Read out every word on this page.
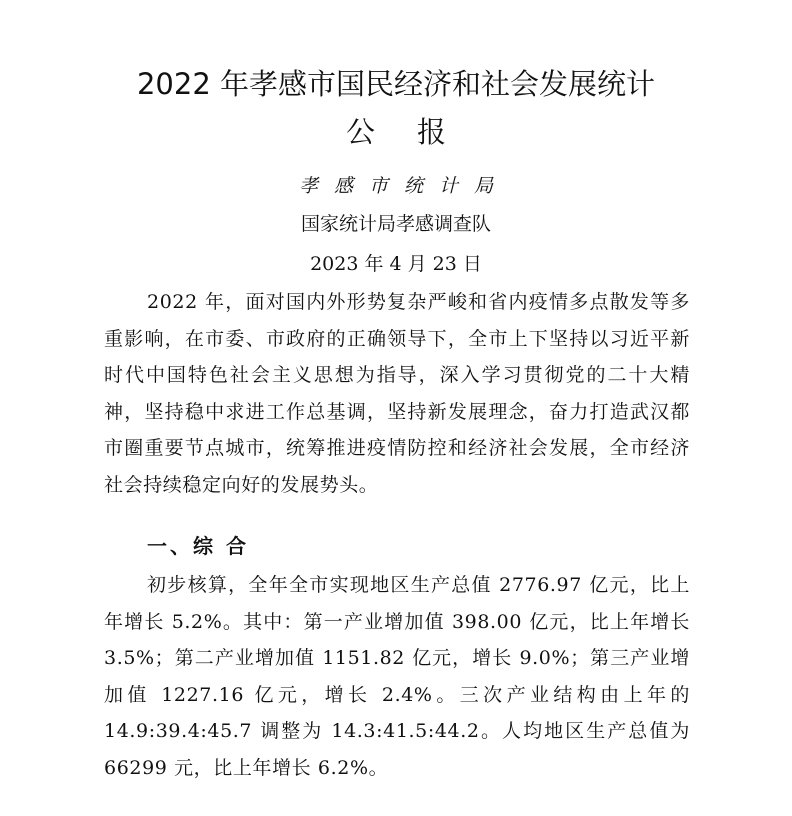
2022 年孝感市国民经济和社会发展统计
公报

孝感市统计局

国家统计局孝感调查队

2023 年 4 月 23 日

2022 年，面对国内外形势复杂严峻和省内疫情多点散发等多重影响，在市委、市政府的正确领导下，全市上下坚持以习近平新时代中国特色社会主义思想为指导，深入学习贯彻党的二十大精神，坚持稳中求进工作总基调，坚持新发展理念，奋力打造武汉都市圈重要节点城市，统筹推进疫情防控和经济社会发展，全市经济社会持续稳定向好的发展势头。

一、综 合

初步核算，全年全市实现地区生产总值 2776.97 亿元，比上年增长 5.2%。其中：第一产业增加值 398.00 亿元，比上年增长 3.5%；第二产业增加值 1151.82 亿元，增长 9.0%；第三产业增加值 1227.16 亿元，增长 2.4%。三次产业结构由上年的 14.9:39.4:45.7 调整为 14.3:41.5:44.2。人均地区生产总值为 66299 元，比上年增长 6.2%。
